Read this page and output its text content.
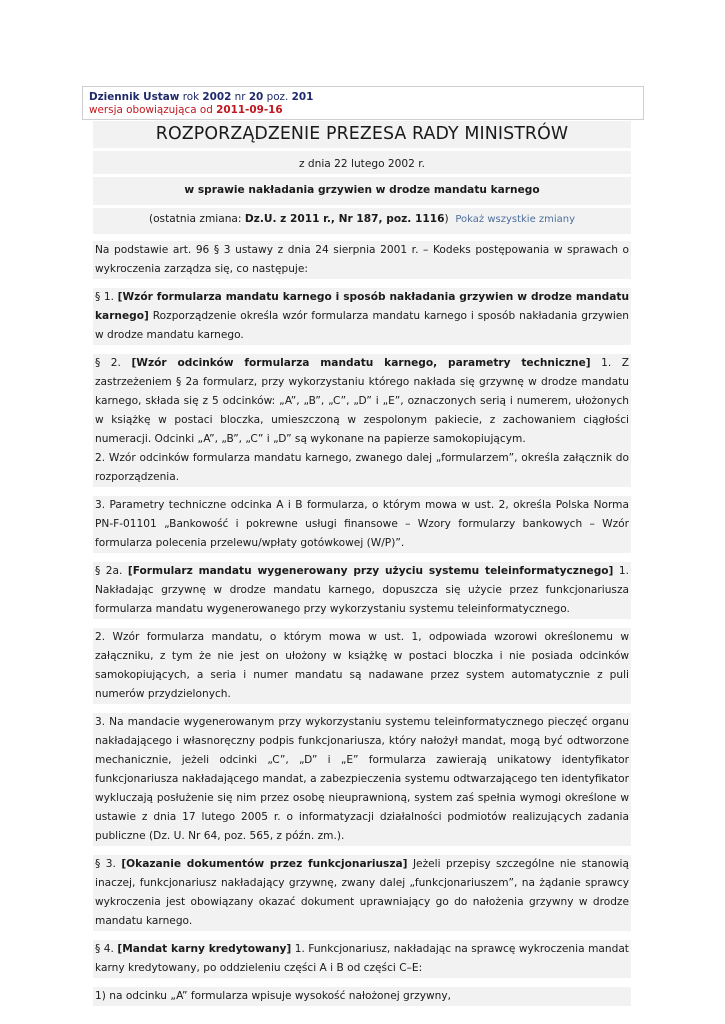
Dziennik Ustaw rok 2002 nr 20 poz. 201
wersja obowiązująca od 2011-09-16
ROZPORZĄDZENIE PREZESA RADY MINISTRÓW
z dnia 22 lutego 2002 r.
w sprawie nakładania grzywien w drodze mandatu karnego
(ostatnia zmiana: Dz.U. z 2011 r., Nr 187, poz. 1116) Pokaż wszystkie zmiany
Na podstawie art. 96 § 3 ustawy z dnia 24 sierpnia 2001 r. – Kodeks postępowania w sprawach o wykroczenia zarządza się, co następuje:
§ 1. [Wzór formularza mandatu karnego i sposób nakładania grzywien w drodze mandatu karnego] Rozporządzenie określa wzór formularza mandatu karnego i sposób nakładania grzywien w drodze mandatu karnego.
§ 2. [Wzór odcinków formularza mandatu karnego, parametry techniczne] 1. Z zastrzeżeniem § 2a formularz, przy wykorzystaniu którego nakłada się grzywnę w drodze mandatu karnego, składa się z 5 odcinków: „A”, „B”, „C”, „D” i „E”, oznaczonych serią i numerem, ułożonych w książkę w postaci bloczka, umieszczoną w zespolonym pakiecie, z zachowaniem ciągłości numeracji. Odcinki „A”, „B”, „C” i „D” są wykonane na papierze samokopiującym.
2. Wzór odcinków formularza mandatu karnego, zwanego dalej „formularzem”, określa załącznik do rozporządzenia.
3. Parametry techniczne odcinka A i B formularza, o którym mowa w ust. 2, określa Polska Norma PN-F-01101 „Bankowość i pokrewne usługi finansowe – Wzory formularzy bankowych – Wzór formularza polecenia przelewu/wpłaty gotówkowej (W/P)”.
§ 2a. [Formularz mandatu wygenerowany przy użyciu systemu teleinformatycznego] 1. Nakładając grzywnę w drodze mandatu karnego, dopuszcza się użycie przez funkcjonariusza formularza mandatu wygenerowanego przy wykorzystaniu systemu teleinformatycznego.
2. Wzór formularza mandatu, o którym mowa w ust. 1, odpowiada wzorowi określonemu w załączniku, z tym że nie jest on ułożony w książkę w postaci bloczka i nie posiada odcinków samokopiujących, a seria i numer mandatu są nadawane przez system automatycznie z puli numerów przydzielonych.
3. Na mandacie wygenerowanym przy wykorzystaniu systemu teleinformatycznego pieczęć organu nakładającego i własnoręczny podpis funkcjonariusza, który nałożył mandat, mogą być odtworzone mechanicznie, jeżeli odcinki „C”, „D” i „E” formularza zawierają unikatowy identyfikator funkcjonariusza nakładającego mandat, a zabezpieczenia systemu odtwarzającego ten identyfikator wykluczają posłużenie się nim przez osobę nieuprawnioną, system zaś spełnia wymogi określone w ustawie z dnia 17 lutego 2005 r. o informatyzacji działalności podmiotów realizujących zadania publiczne (Dz. U. Nr 64, poz. 565, z późn. zm.).
§ 3. [Okazanie dokumentów przez funkcjonariusza] Jeżeli przepisy szczególne nie stanowią inaczej, funkcjonariusz nakładający grzywnę, zwany dalej „funkcjonariuszem”, na żądanie sprawcy wykroczenia jest obowiązany okazać dokument uprawniający go do nałożenia grzywny w drodze mandatu karnego.
§ 4. [Mandat karny kredytowany] 1. Funkcjonariusz, nakładając na sprawcę wykroczenia mandat karny kredytowany, po oddzieleniu części A i B od części C–E:
1) na odcinku „A” formularza wpisuje wysokość nałożonej grzywny,
